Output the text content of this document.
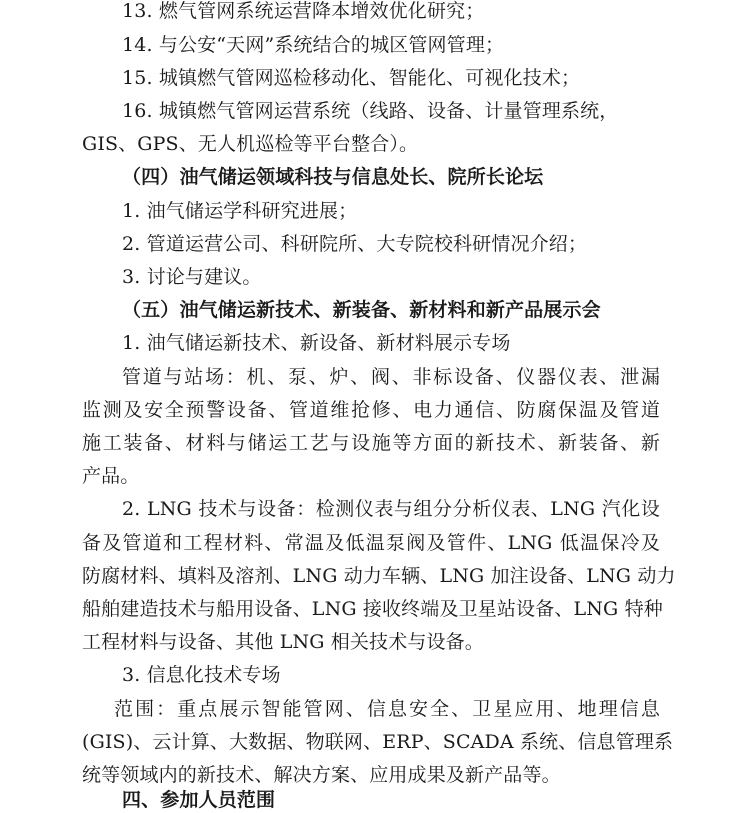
13. 燃气管网系统运营降本增效优化研究；
14. 与公安“天网”系统结合的城区管网管理；
15. 城镇燃气管网巡检移动化、智能化、可视化技术；
16. 城镇燃气管网运营系统（线路、设备、计量管理系统，
GIS、GPS、无人机巡检等平台整合）。
（四）油气储运领域科技与信息处长、院所长论坛
1. 油气储运学科研究进展；
2. 管道运营公司、科研院所、大专院校科研情况介绍；
3. 讨论与建议。
（五）油气储运新技术、新装备、新材料和新产品展示会
1. 油气储运新技术、新设备、新材料展示专场
管道与站场：机、泵、炉、阀、非标设备、仪器仪表、泄漏
监测及安全预警设备、管道维抢修、电力通信、防腐保温及管道
施工装备、材料与储运工艺与设施等方面的新技术、新装备、新
产品。
2. LNG 技术与设备：检测仪表与组分分析仪表、LNG 汽化设
备及管道和工程材料、常温及低温泵阀及管件、LNG 低温保冷及
防腐材料、填料及溶剂、LNG 动力车辆、LNG 加注设备、LNG 动力
船舶建造技术与船用设备、LNG 接收终端及卫星站设备、LNG 特种
工程材料与设备、其他 LNG 相关技术与设备。
3. 信息化技术专场
范围：重点展示智能管网、信息安全、卫星应用、地理信息
(GIS)、云计算、大数据、物联网、ERP、SCADA 系统、信息管理系
统等领域内的新技术、解决方案、应用成果及新产品等。
四、参加人员范围
